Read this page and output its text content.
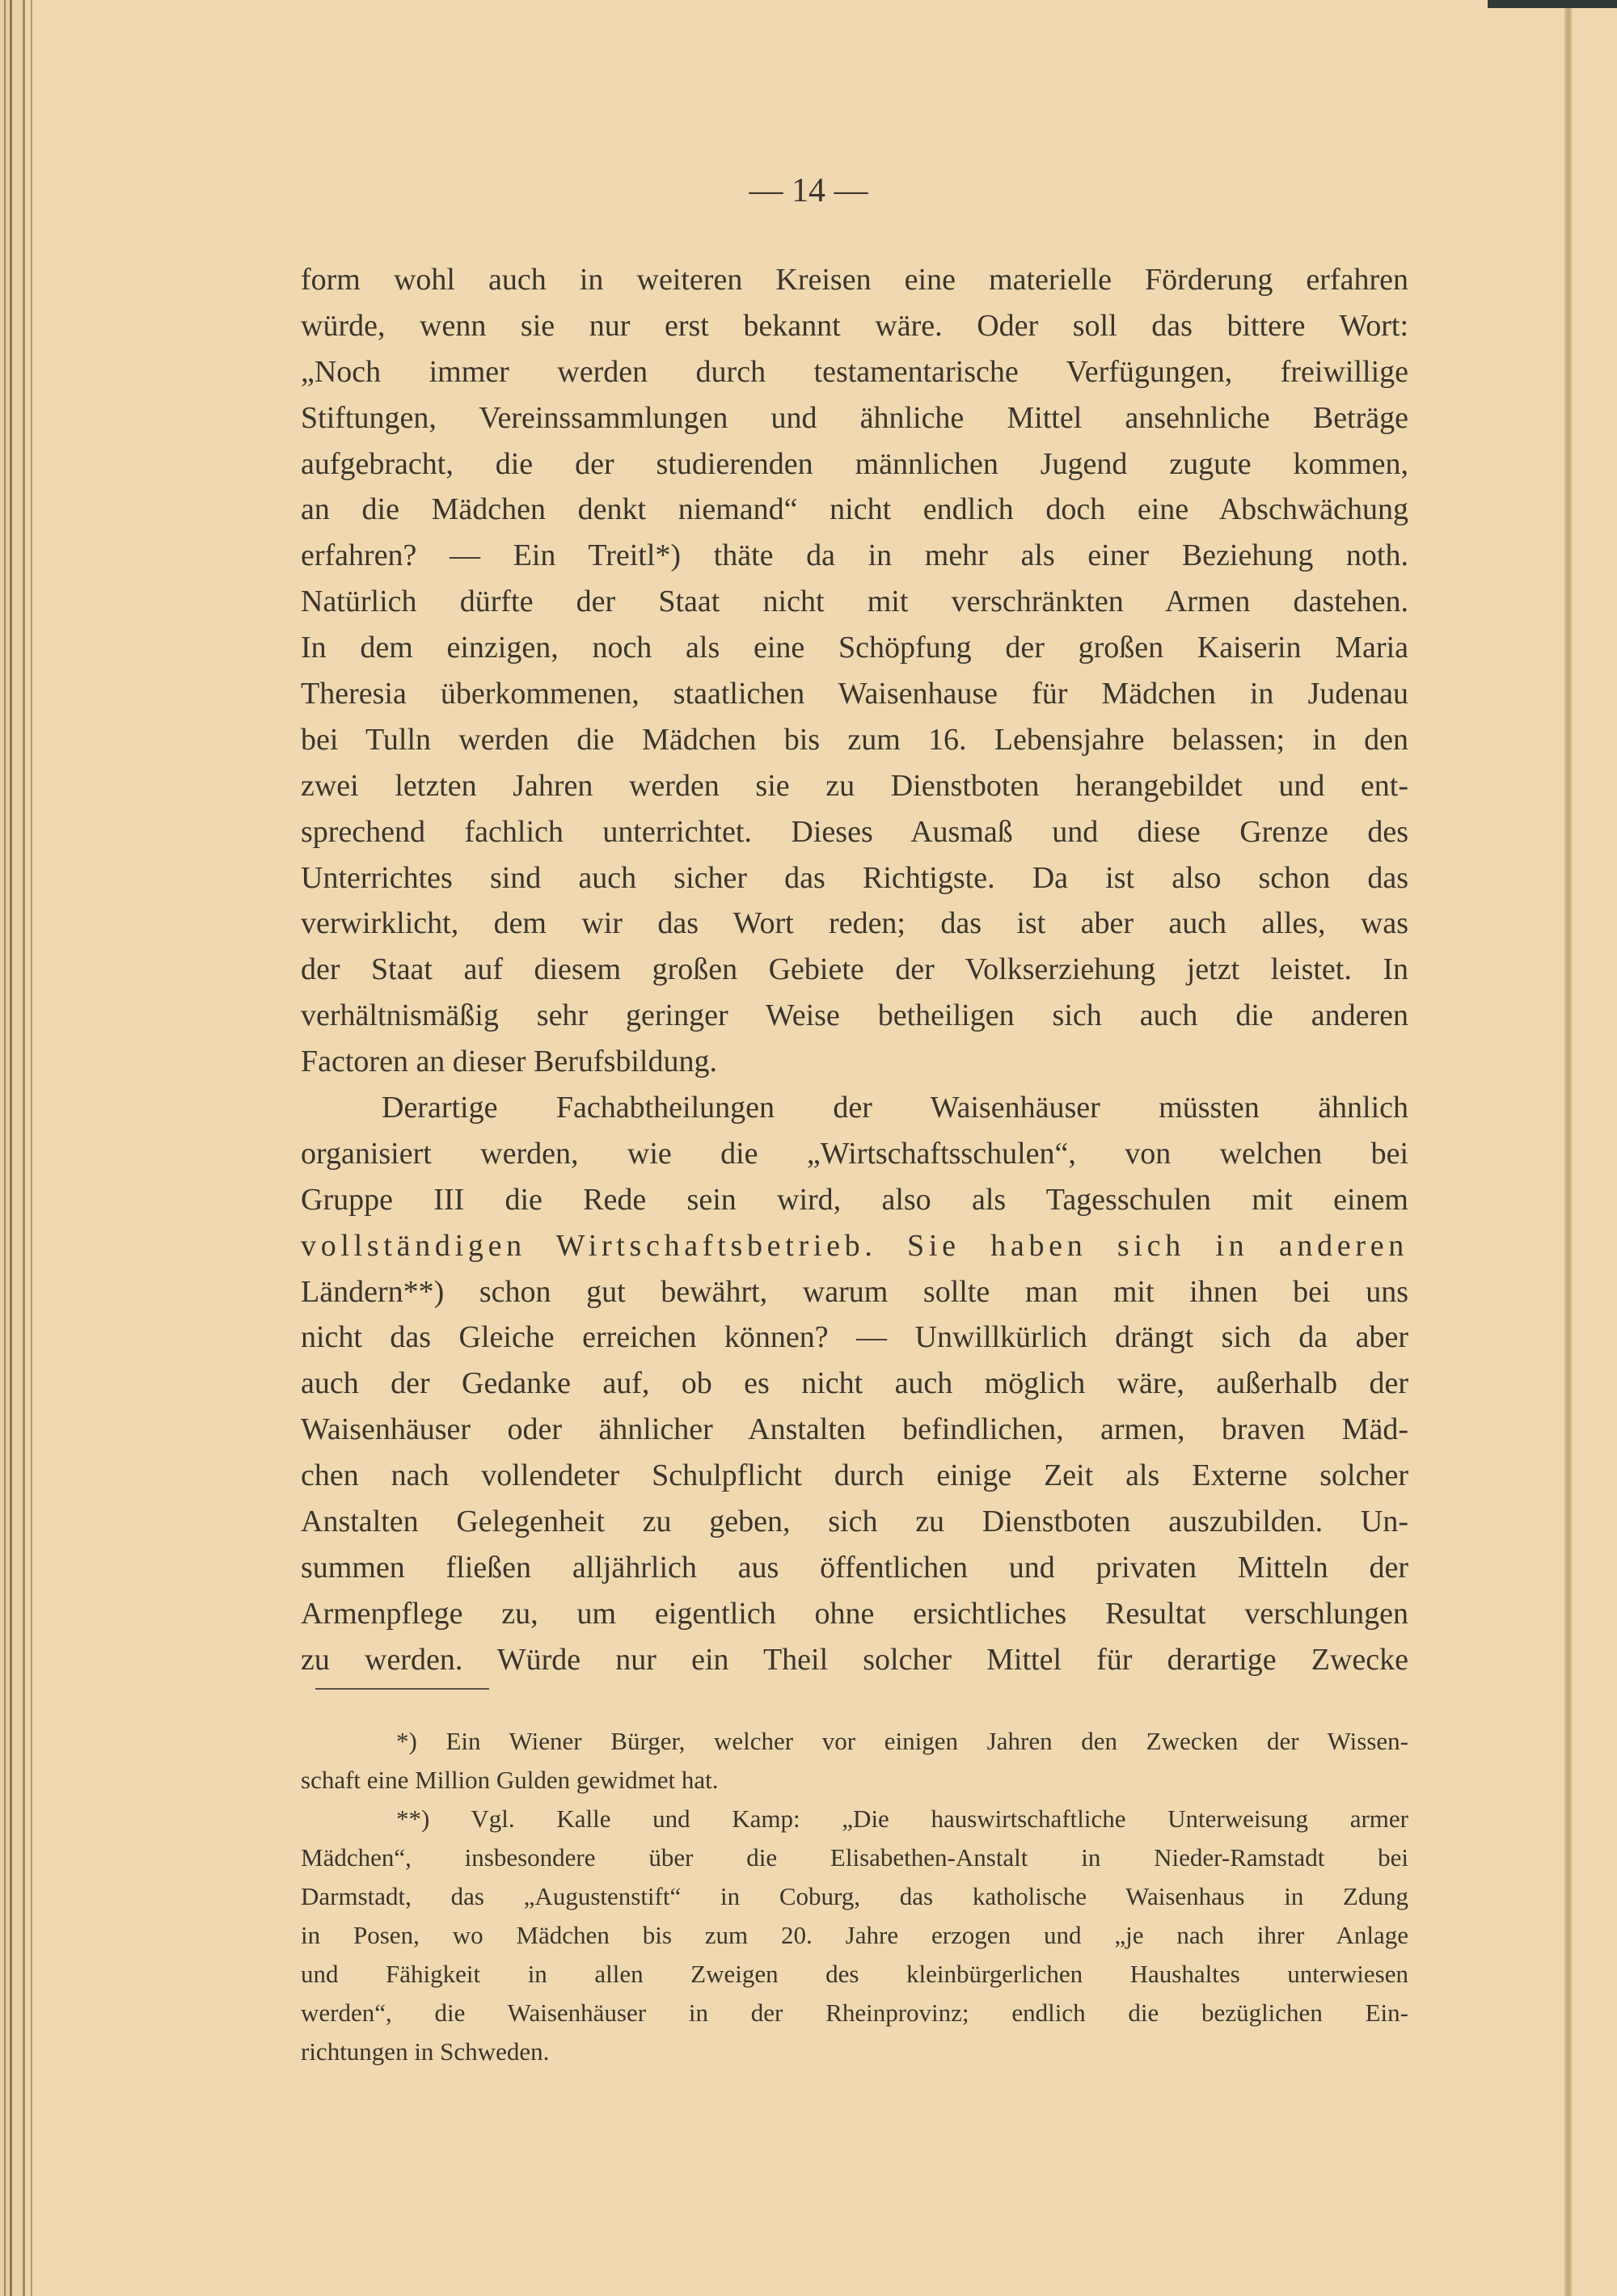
— 14 —
form wohl auch in weiteren Kreisen eine materielle Förderung erfahren
würde, wenn sie nur erst bekannt wäre. Oder soll das bittere Wort:
„Noch immer werden durch testamentarische Verfügungen, freiwillige
Stiftungen, Vereinssammlungen und ähnliche Mittel ansehnliche Beträge
aufgebracht, die der studierenden männlichen Jugend zugute kommen,
an die Mädchen denkt niemand“ nicht endlich doch eine Abschwächung
erfahren? — Ein Treitl*) thäte da in mehr als einer Beziehung noth.
Natürlich dürfte der Staat nicht mit verschränkten Armen dastehen.
In dem einzigen, noch als eine Schöpfung der großen Kaiserin Maria
Theresia überkommenen, staatlichen Waisenhause für Mädchen in Judenau
bei Tulln werden die Mädchen bis zum 16. Lebensjahre belassen; in den
zwei letzten Jahren werden sie zu Dienstboten herangebildet und ent-
sprechend fachlich unterrichtet. Dieses Ausmaß und diese Grenze des
Unterrichtes sind auch sicher das Richtigste. Da ist also schon das
verwirklicht, dem wir das Wort reden; das ist aber auch alles, was
der Staat auf diesem großen Gebiete der Volkserziehung jetzt leistet. In
verhältnismäßig sehr geringer Weise betheiligen sich auch die anderen
Factoren an dieser Berufsbildung.
Derartige Fachabtheilungen der Waisenhäuser müssten ähnlich
organisiert werden, wie die „Wirtschaftsschulen“, von welchen bei
Gruppe III die Rede sein wird, also als Tagesschulen mit einem
vollständigen Wirtschaftsbetrieb. Sie haben sich in anderen
Ländern**) schon gut bewährt, warum sollte man mit ihnen bei uns
nicht das Gleiche erreichen können? — Unwillkürlich drängt sich da aber
auch der Gedanke auf, ob es nicht auch möglich wäre, außerhalb der
Waisenhäuser oder ähnlicher Anstalten befindlichen, armen, braven Mäd-
chen nach vollendeter Schulpflicht durch einige Zeit als Externe solcher
Anstalten Gelegenheit zu geben, sich zu Dienstboten auszubilden. Un-
summen fließen alljährlich aus öffentlichen und privaten Mitteln der
Armenpflege zu, um eigentlich ohne ersichtliches Resultat verschlungen
zu werden. Würde nur ein Theil solcher Mittel für derartige Zwecke
*) Ein Wiener Bürger, welcher vor einigen Jahren den Zwecken der Wissen-
schaft eine Million Gulden gewidmet hat.
**) Vgl. Kalle und Kamp: „Die hauswirtschaftliche Unterweisung armer
Mädchen“, insbesondere über die Elisabethen-Anstalt in Nieder-Ramstadt bei
Darmstadt, das „Augustenstift“ in Coburg, das katholische Waisenhaus in Zdung
in Posen, wo Mädchen bis zum 20. Jahre erzogen und „je nach ihrer Anlage
und Fähigkeit in allen Zweigen des kleinbürgerlichen Haushaltes unterwiesen
werden“, die Waisenhäuser in der Rheinprovinz; endlich die bezüglichen Ein-
richtungen in Schweden.
